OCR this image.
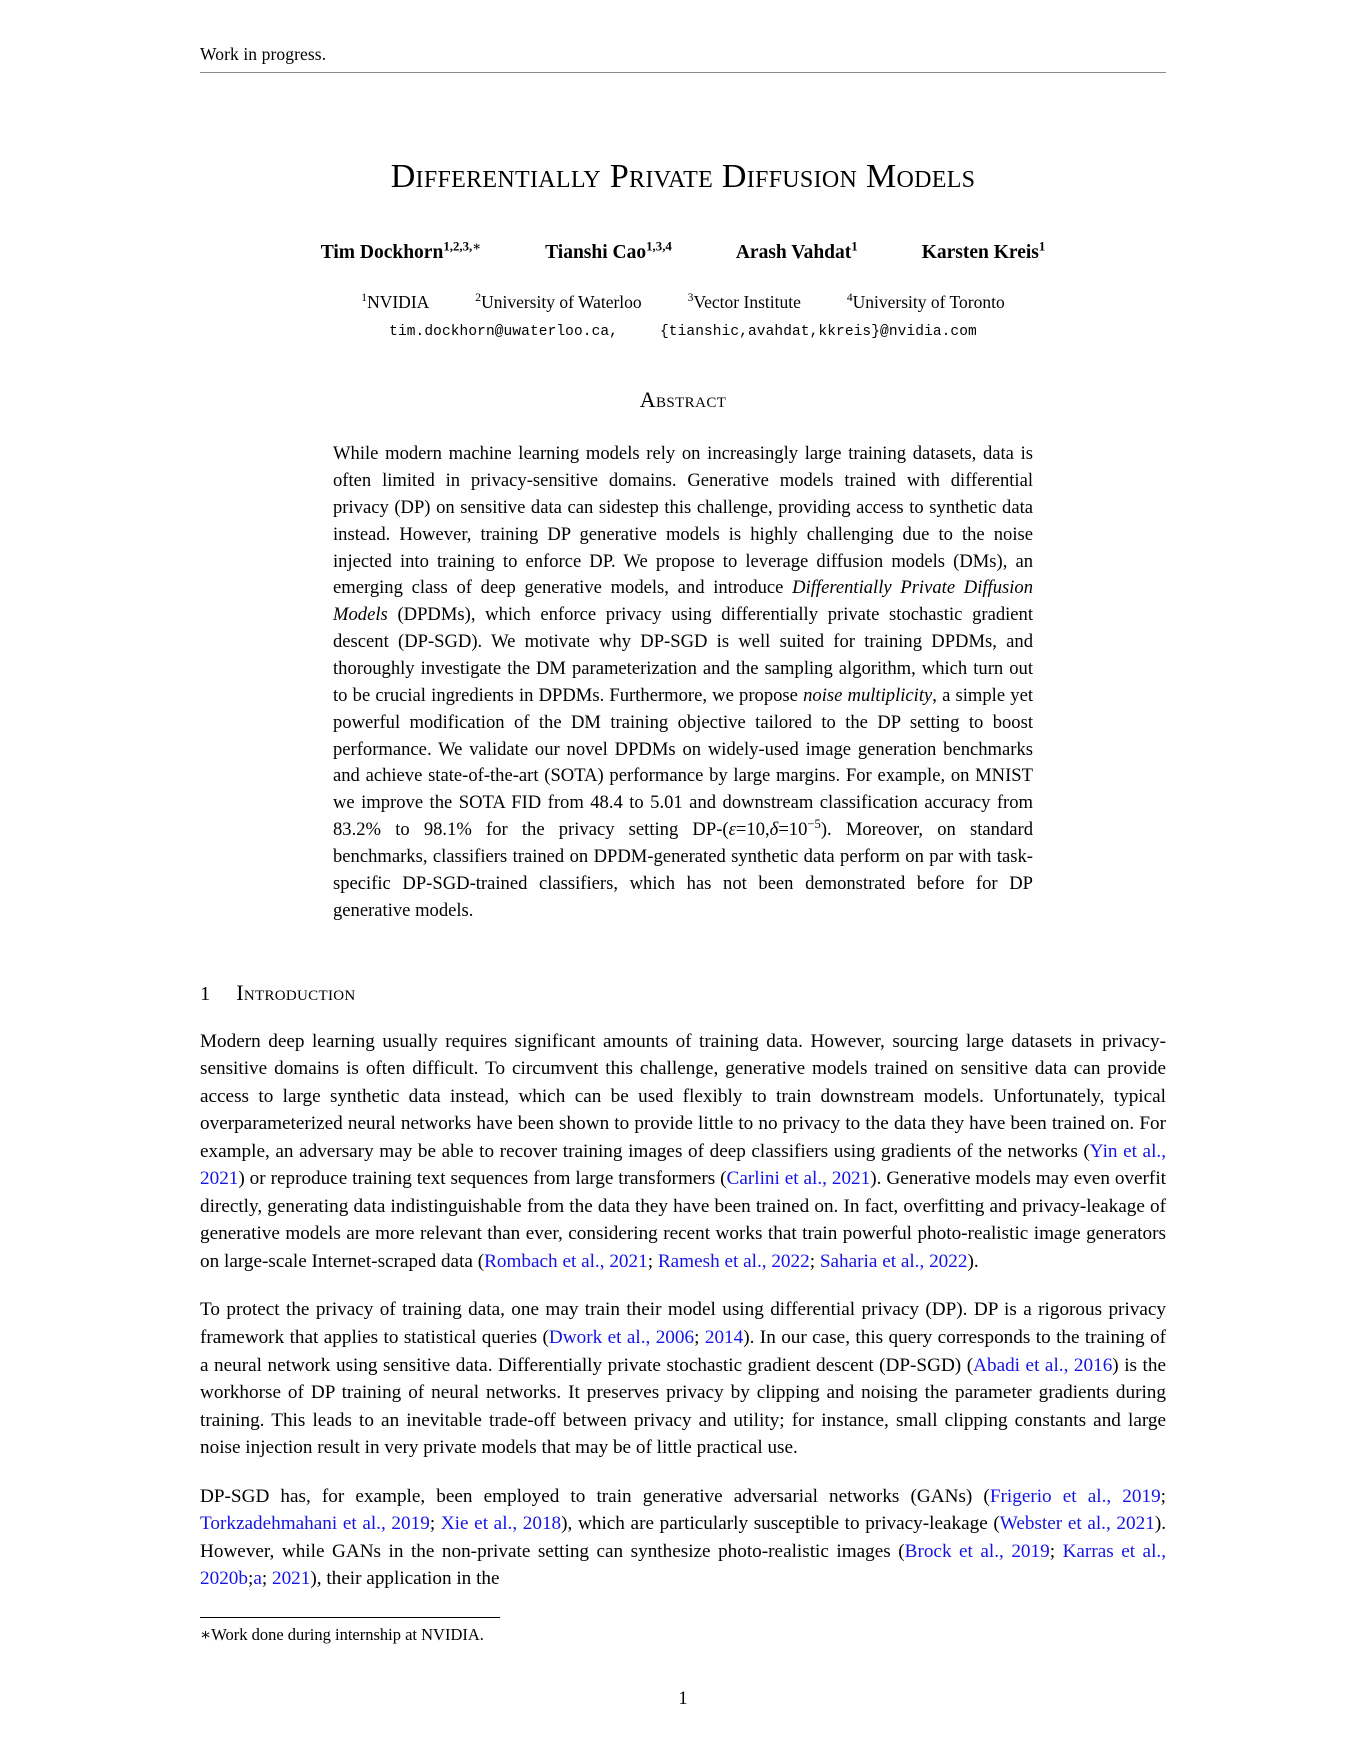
Work in progress.
Differentially Private Diffusion Models
Tim Dockhorn$^{1,2,3,∗}$	Tianshi Cao$^{1,3,4}$	Arash Vahdat$^1$	Karsten Kreis$^1$
$^1$NVIDIA	$^2$University of Waterloo	$^3$Vector Institute	$^4$University of Toronto
tim.dockhorn@uwaterloo.ca,	{tianshic,avahdat,kkreis}@nvidia.com
Abstract
While modern machine learning models rely on increasingly large training datasets, data is often limited in privacy-sensitive domains. Generative models trained with differential privacy (DP) on sensitive data can sidestep this challenge, providing access to synthetic data instead. However, training DP generative models is highly challenging due to the noise injected into training to enforce DP. We propose to leverage diffusion models (DMs), an emerging class of deep generative models, and introduce Differentially Private Diffusion Models (DPDMs), which enforce privacy using differentially private stochastic gradient descent (DP-SGD). We motivate why DP-SGD is well suited for training DPDMs, and thoroughly investigate the DM parameterization and the sampling algorithm, which turn out to be crucial ingredients in DPDMs. Furthermore, we propose noise multiplicity, a simple yet powerful modification of the DM training objective tailored to the DP setting to boost performance. We validate our novel DPDMs on widely-used image generation benchmarks and achieve state-of-the-art (SOTA) performance by large margins. For example, on MNIST we improve the SOTA FID from 48.4 to 5.01 and downstream classification accuracy from 83.2% to 98.1% for the privacy setting $DP-(\varepsilon=10,\delta=10^{-5})$. Moreover, on standard benchmarks, classifiers trained on DPDM-generated synthetic data perform on par with task-specific DP-SGD-trained classifiers, which has not been demonstrated before for DP generative models.
1 Introduction

Modern deep learning usually requires significant amounts of training data. However, sourcing large datasets in privacy-sensitive domains is often difficult. To circumvent this challenge, generative models trained on sensitive data can provide access to large synthetic data instead, which can be used flexibly to train downstream models. Unfortunately, typical overparameterized neural networks have been shown to provide little to no privacy to the data they have been trained on. For example, an adversary may be able to recover training images of deep classifiers using gradients of the networks (Yin et al., 2021) or reproduce training text sequences from large transformers (Carlini et al., 2021). Generative models may even overfit directly, generating data indistinguishable from the data they have been trained on. In fact, overfitting and privacy-leakage of generative models are more relevant than ever, considering recent works that train powerful photo-realistic image generators on large-scale Internet-scraped data (Rombach et al., 2021; Ramesh et al., 2022; Saharia et al., 2022).

To protect the privacy of training data, one may train their model using differential privacy (DP). DP is a rigorous privacy framework that applies to statistical queries (Dwork et al., 2006; 2014). In our case, this query corresponds to the training of a neural network using sensitive data. Differentially private stochastic gradient descent (DP-SGD) (Abadi et al., 2016) is the workhorse of DP training of neural networks. It preserves privacy by clipping and noising the parameter gradients during training. This leads to an inevitable trade-off between privacy and utility; for instance, small clipping constants and large noise injection result in very private models that may be of little practical use.

DP-SGD has, for example, been employed to train generative adversarial networks (GANs) (Frigerio et al., 2019; Torkzadehmahani et al., 2019; Xie et al., 2018), which are particularly susceptible to privacy-leakage (Webster et al., 2021). However, while GANs in the non-private setting can synthesize photo-realistic images (Brock et al., 2019; Karras et al., 2020b;a; 2021), their application in the

∗Work done during internship at NVIDIA.
1
